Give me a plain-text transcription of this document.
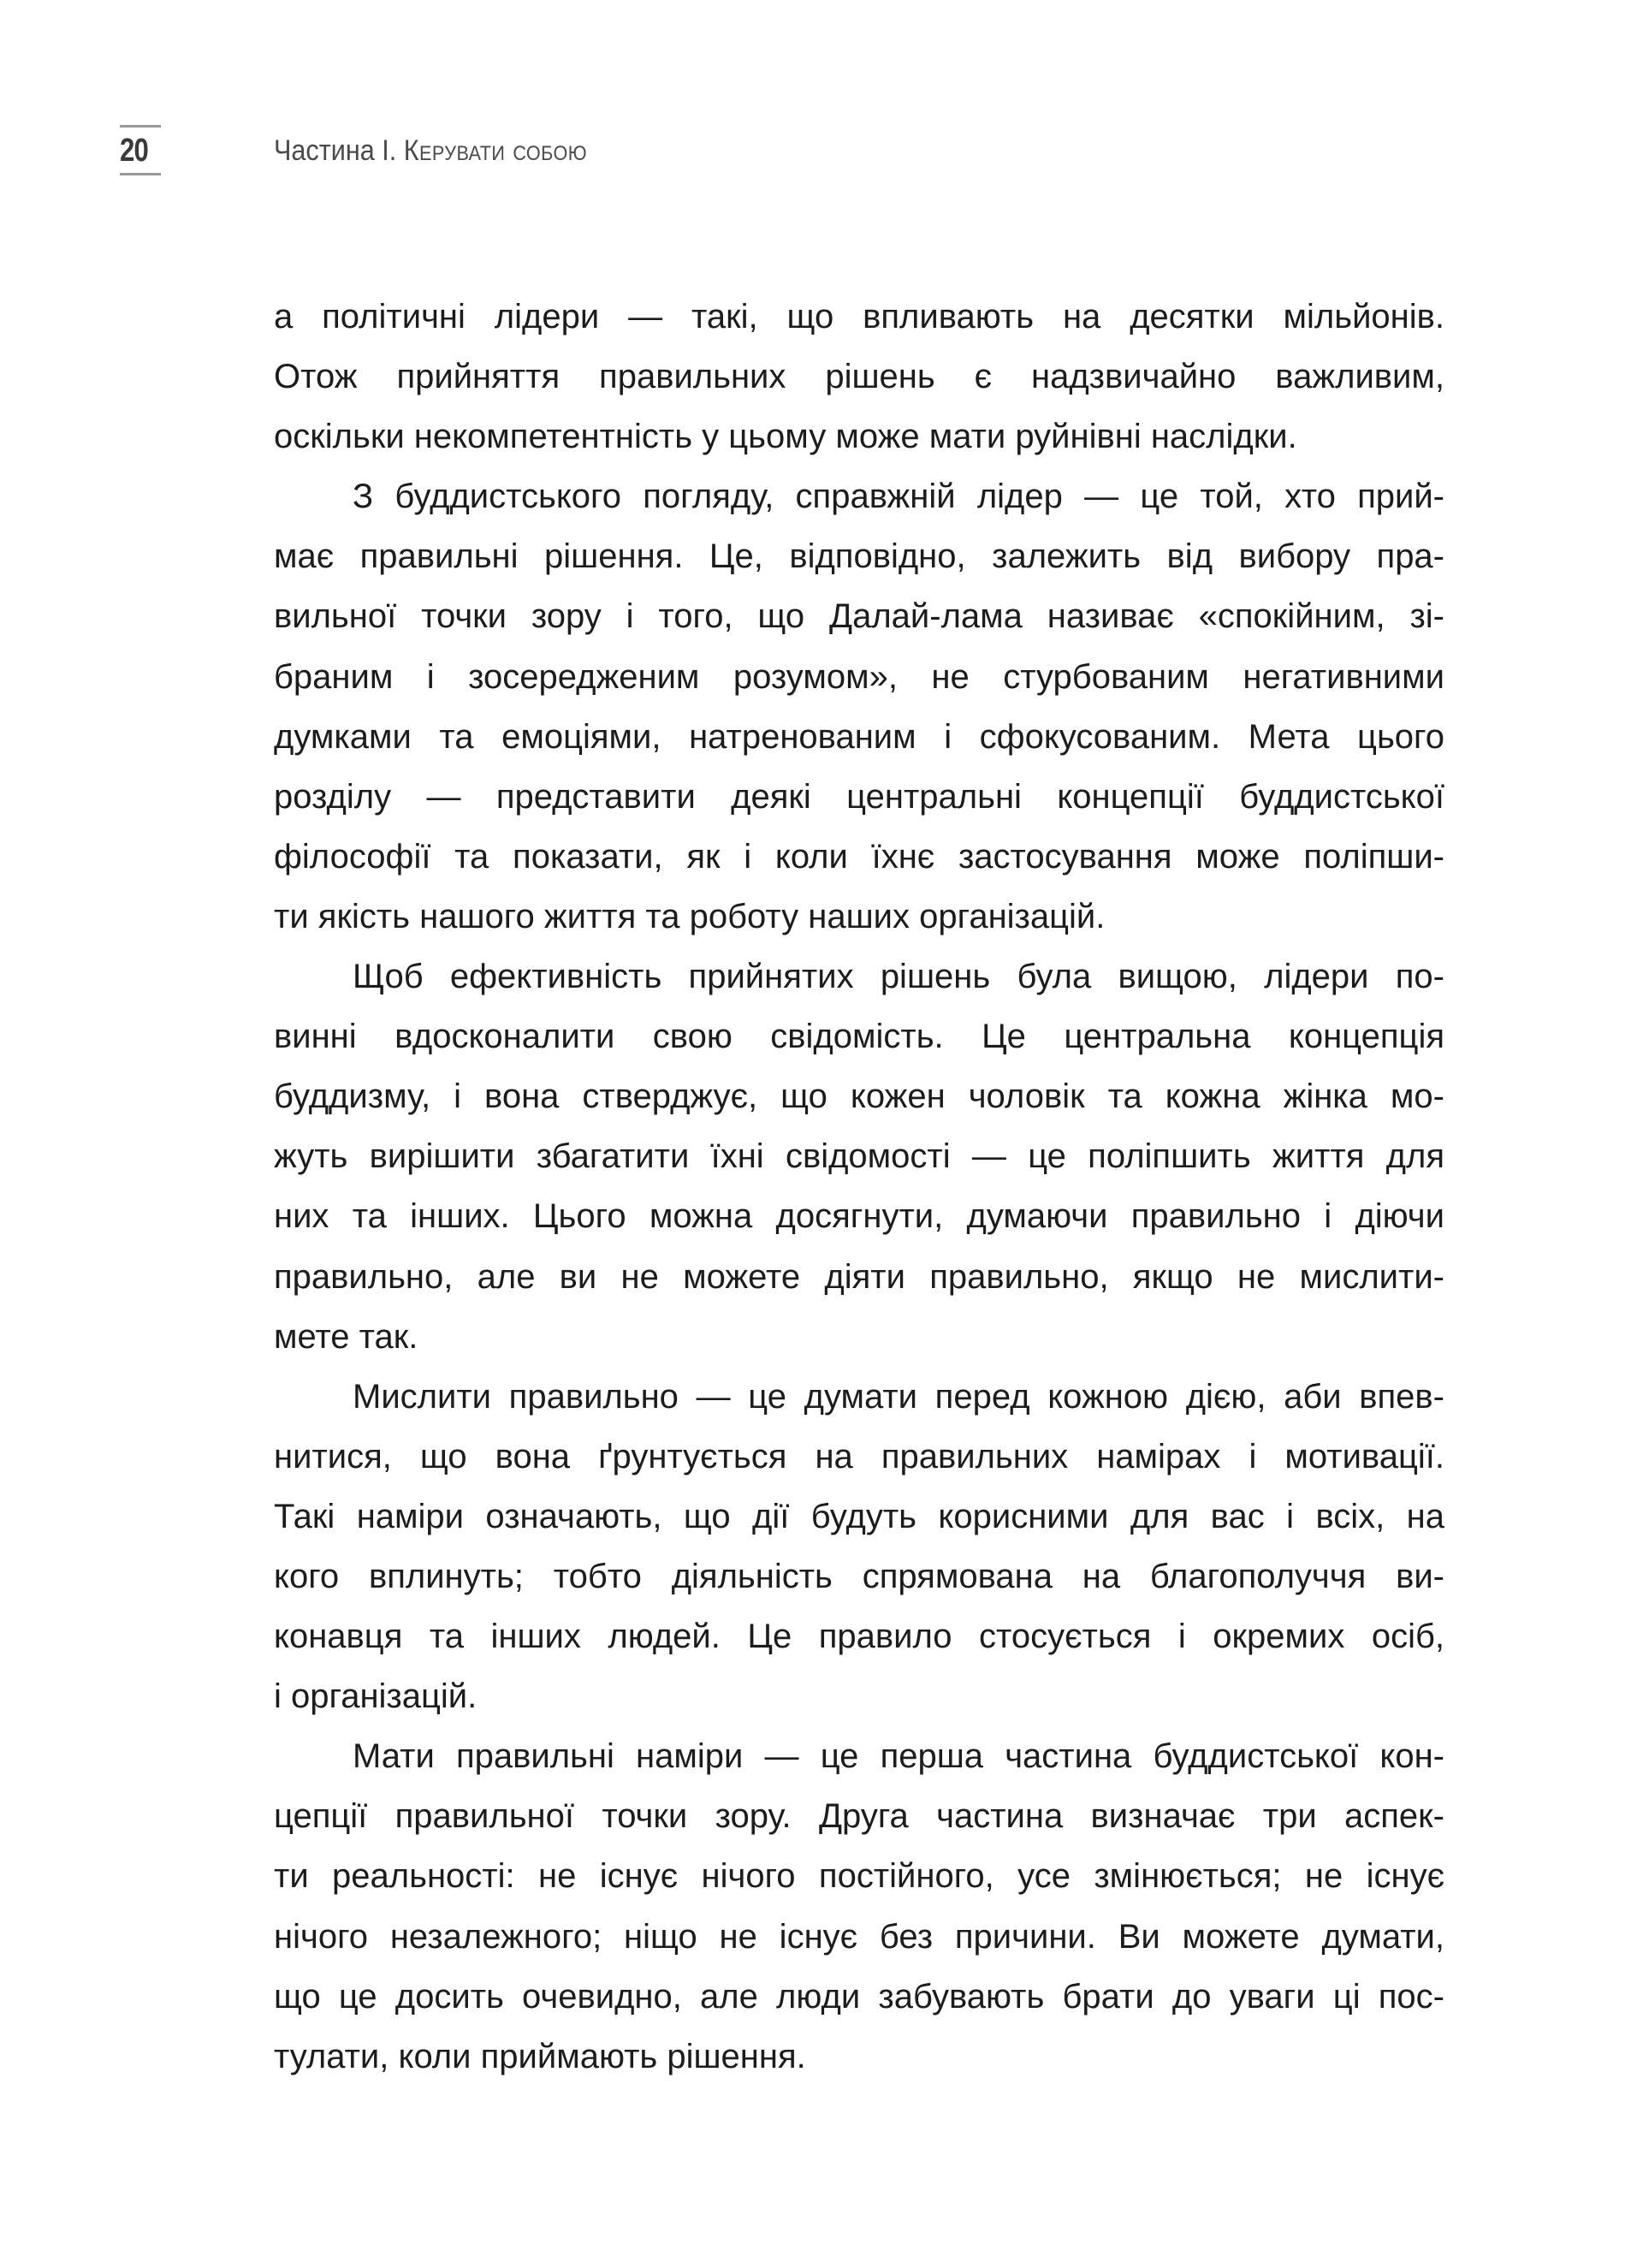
20	Частина I. Керувати собою
а політичні лідери — такі, що впливають на десятки мільйонів.
Отож прийняття правильних рішень є надзвичайно важливим,
оскільки некомпетентність у цьому може мати руйнівні наслідки.
З буддистського погляду, справжній лідер — це той, хто прий-
має правильні рішення. Це, відповідно, залежить від вибору пра-
вильної точки зору і того, що Далай-лама називає «спокійним, зі-
браним і зосередженим розумом», не стурбованим негативними
думками та емоціями, натренованим і сфокусованим. Мета цього
розділу — представити деякі центральні концепції буддистської
філософії та показати, як і коли їхнє застосування може поліпши-
ти якість нашого життя та роботу наших організацій.
Щоб ефективність прийнятих рішень була вищою, лідери по-
винні вдосконалити свою свідомість. Це центральна концепція
буддизму, і вона стверджує, що кожен чоловік та кожна жінка мо-
жуть вирішити збагатити їхні свідомості — це поліпшить життя для
них та інших. Цього можна досягнути, думаючи правильно і діючи
правильно, але ви не можете діяти правильно, якщо не мислити-
мете так.
Мислити правильно — це думати перед кожною дією, аби впев-
нитися, що вона ґрунтується на правильних намірах і мотивації.
Такі наміри означають, що дії будуть корисними для вас і всіх, на
кого вплинуть; тобто діяльність спрямована на благополуччя ви-
конавця та інших людей. Це правило стосується і окремих осіб,
і організацій.
Мати правильні наміри — це перша частина буддистської кон-
цепції правильної точки зору. Друга частина визначає три аспек-
ти реальності: не існує нічого постійного, усе змінюється; не існує
нічого незалежного; ніщо не існує без причини. Ви можете думати,
що це досить очевидно, але люди забувають брати до уваги ці пос-
тулати, коли приймають рішення.
